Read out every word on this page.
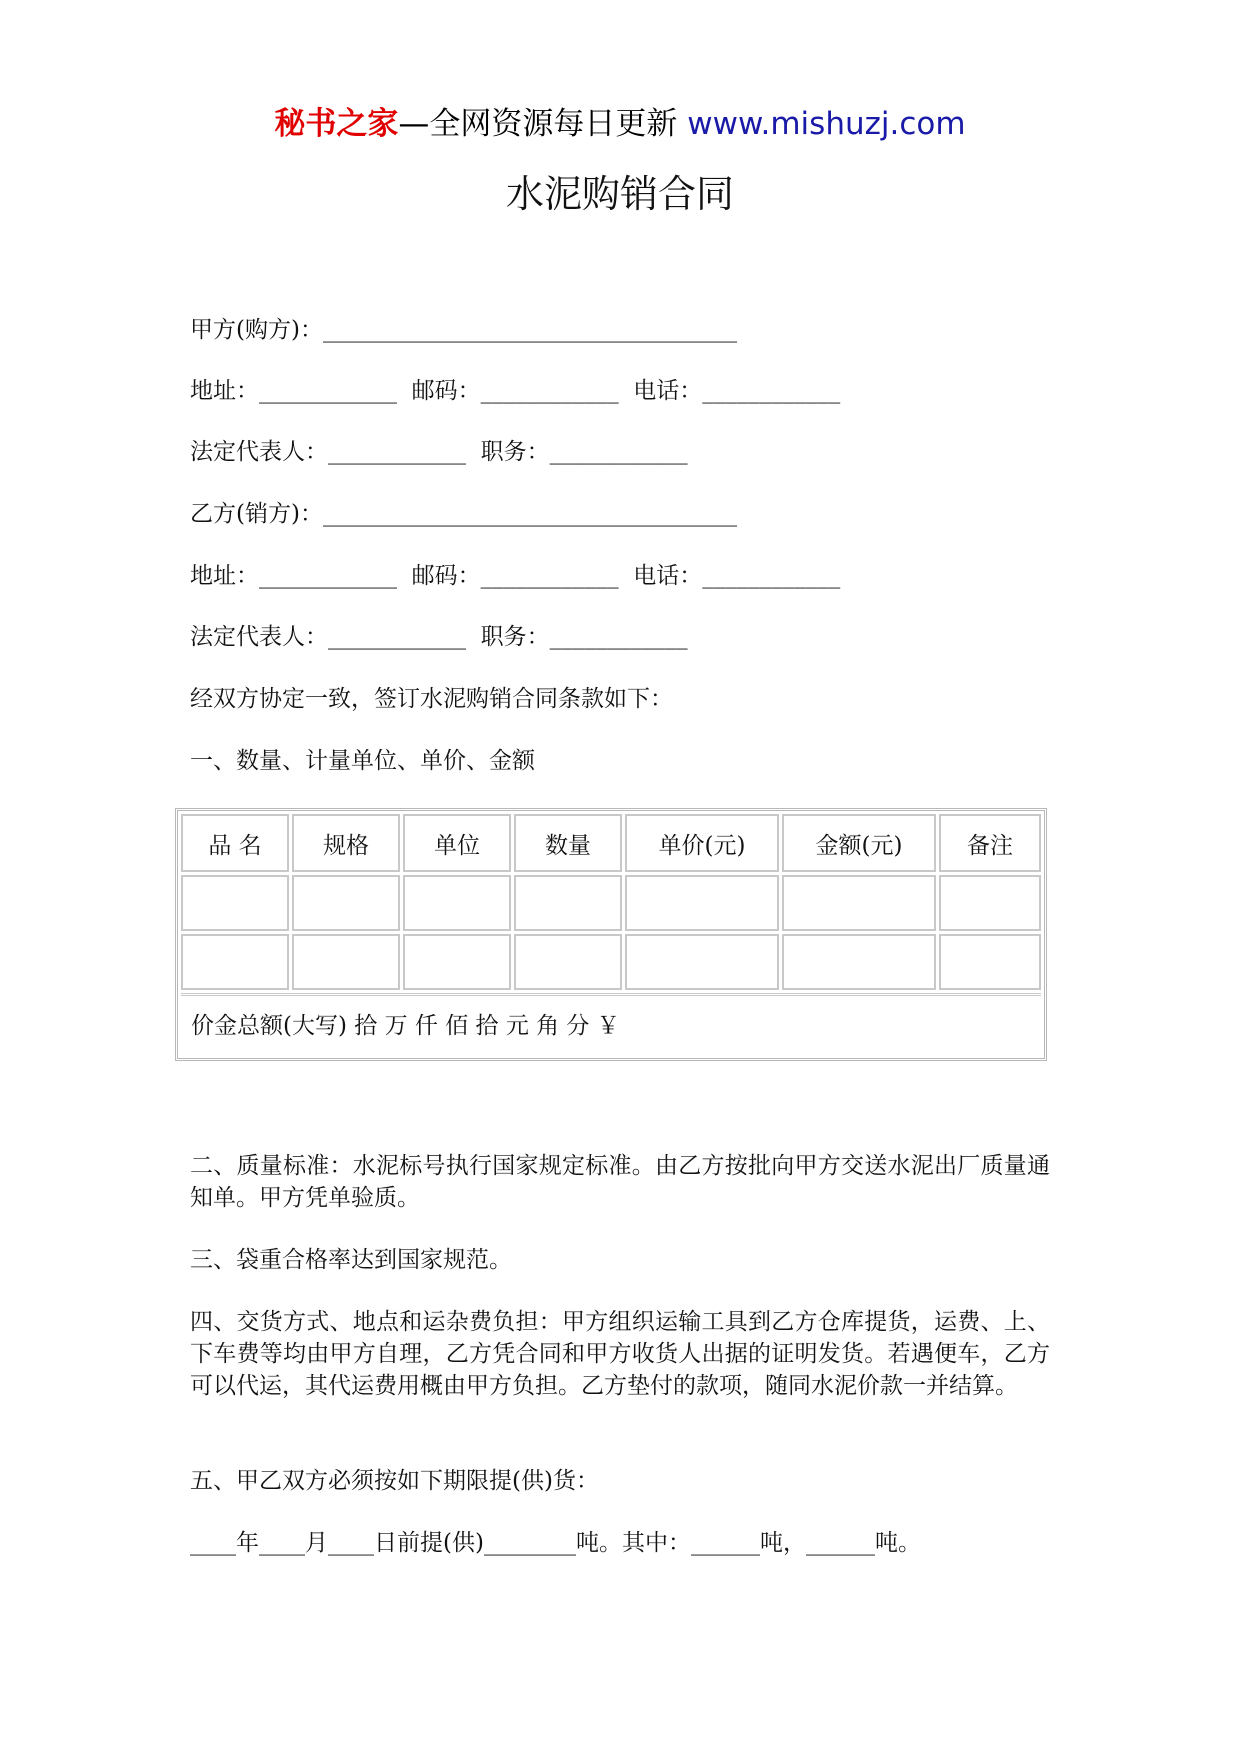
秘书之家—全网资源每日更新 www.mishuzj.com
水泥购销合同
甲方(购方)：____________________________________
地址：____________  邮码：____________  电话：____________
法定代表人：____________  职务：____________
乙方(销方)：____________________________________
地址：____________  邮码：____________  电话：____________
法定代表人：____________  职务：____________
经双方协定一致，签订水泥购销合同条款如下：
一、数量、计量单位、单价、金额
品 名	规格	单位	数量	单价(元)	金额(元)	备注

价金总额(大写) 拾 万 仟 佰 拾 元 角 分 ￥						
二、质量标准：水泥标号执行国家规定标准。由乙方按批向甲方交送水泥出厂质量通知单。甲方凭单验质。
三、袋重合格率达到国家规范。
四、交货方式、地点和运杂费负担：甲方组织运输工具到乙方仓库提货，运费、上、下车费等均由甲方自理，乙方凭合同和甲方收货人出据的证明发货。若遇便车，乙方可以代运，其代运费用概由甲方负担。乙方垫付的款项，随同水泥价款一并结算。
五、甲乙双方必须按如下期限提(供)货：
____年____月____日前提(供)________吨。其中：______吨，______吨。
